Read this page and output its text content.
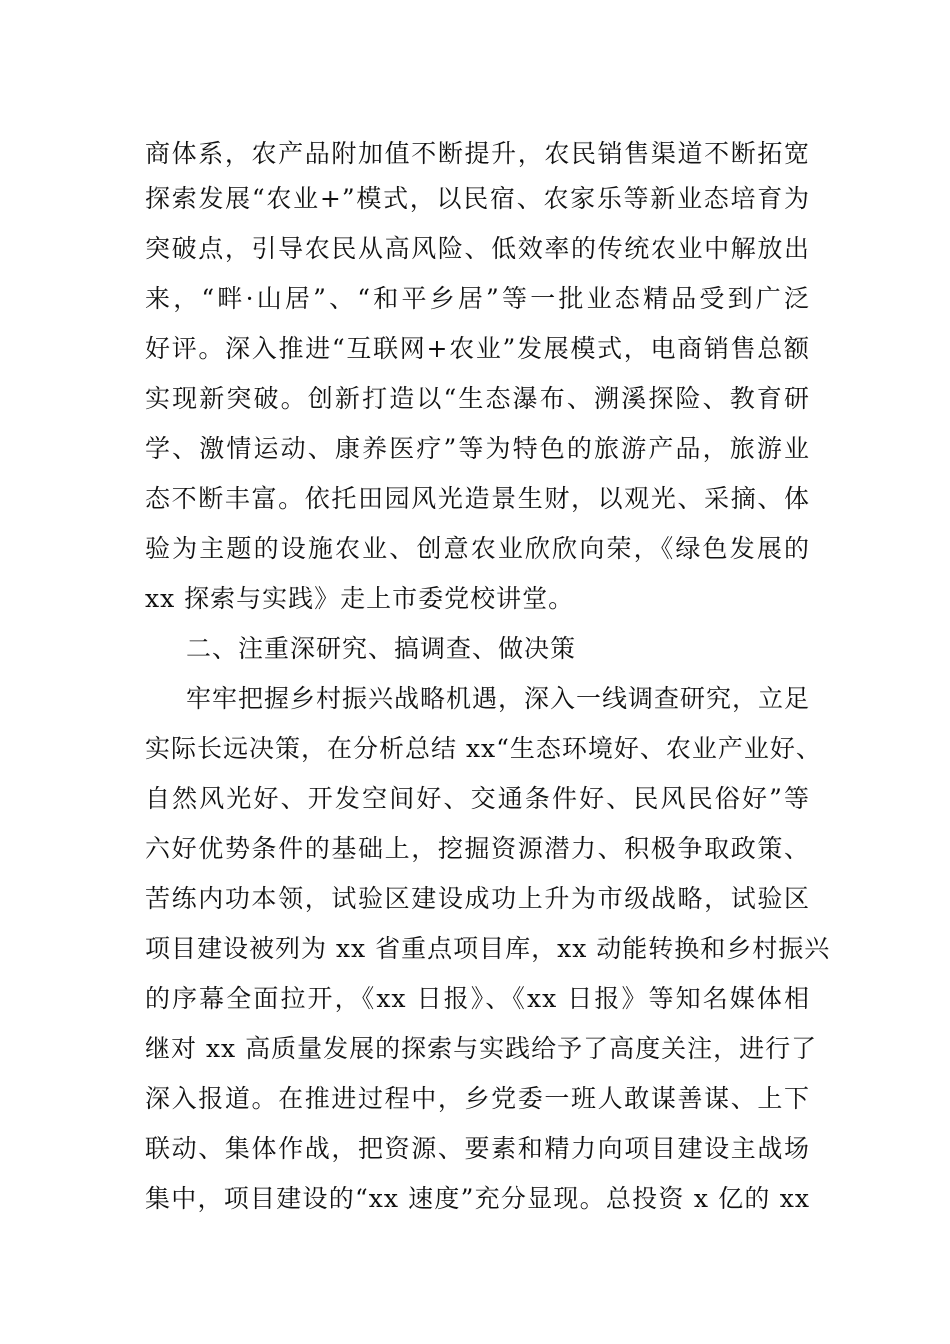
商体系，农产品附加值不断提升，农民销售渠道不断拓宽
探索发展“农业+”模式，以民宿、农家乐等新业态培育为
突破点，引导农民从高风险、低效率的传统农业中解放出
来，“畔·山居”、“和平乡居”等一批业态精品受到广泛
好评。深入推进“互联网+农业”发展模式，电商销售总额
实现新突破。创新打造以“生态瀑布、溯溪探险、教育研
学、激情运动、康养医疗”等为特色的旅游产品，旅游业
态不断丰富。依托田园风光造景生财，以观光、采摘、体
验为主题的设施农业、创意农业欣欣向荣，《绿色发展的
xx 探索与实践》走上市委党校讲堂。
二、注重深研究、搞调查、做决策
牢牢把握乡村振兴战略机遇，深入一线调查研究，立足
实际长远决策，在分析总结 xx“生态环境好、农业产业好、
自然风光好、开发空间好、交通条件好、民风民俗好”等
六好优势条件的基础上，挖掘资源潜力、积极争取政策、
苦练内功本领，试验区建设成功上升为市级战略，试验区
项目建设被列为 xx 省重点项目库，xx 动能转换和乡村振兴
的序幕全面拉开，《xx 日报》、《xx 日报》等知名媒体相
继对 xx 高质量发展的探索与实践给予了高度关注，进行了
深入报道。在推进过程中，乡党委一班人敢谋善谋、上下
联动、集体作战，把资源、要素和精力向项目建设主战场
集中，项目建设的“xx 速度”充分显现。总投资 x 亿的 xx
